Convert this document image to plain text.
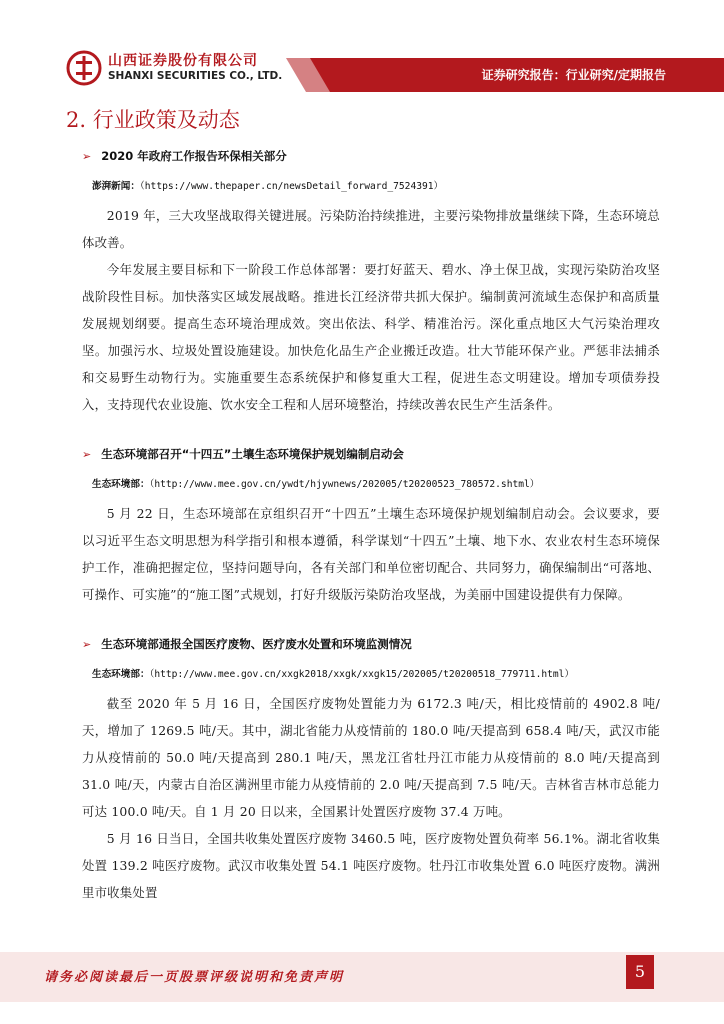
山西证券股份有限公司
SHANXI SECURITIES CO., LTD.	证券研究报告：行业研究/定期报告
2. 行业政策及动态
➢ 2020 年政府工作报告环保相关部分
澎湃新闻：（https://www.thepaper.cn/newsDetail_forward_7524391）

2019 年，三大攻坚战取得关键进展。污染防治持续推进，主要污染物排放量继续下降，生态环境总体改善。

今年发展主要目标和下一阶段工作总体部署：要打好蓝天、碧水、净土保卫战，实现污染防治攻坚战阶段性目标。加快落实区域发展战略。推进长江经济带共抓大保护。编制黄河流域生态保护和高质量发展规划纲要。提高生态环境治理成效。突出依法、科学、精准治污。深化重点地区大气污染治理攻坚。加强污水、垃圾处置设施建设。加快危化品生产企业搬迁改造。壮大节能环保产业。严惩非法捕杀和交易野生动物行为。实施重要生态系统保护和修复重大工程，促进生态文明建设。增加专项债券投入，支持现代农业设施、饮水安全工程和人居环境整治，持续改善农民生产生活条件。

➢ 生态环境部召开“十四五”土壤生态环境保护规划编制启动会
生态环境部：（http://www.mee.gov.cn/ywdt/hjywnews/202005/t20200523_780572.shtml）

5 月 22 日，生态环境部在京组织召开“十四五”土壤生态环境保护规划编制启动会。会议要求，要以习近平生态文明思想为科学指引和根本遵循，科学谋划“十四五”土壤、地下水、农业农村生态环境保护工作，准确把握定位，坚持问题导向，各有关部门和单位密切配合、共同努力，确保编制出“可落地、可操作、可实施”的“施工图”式规划，打好升级版污染防治攻坚战，为美丽中国建设提供有力保障。

➢ 生态环境部通报全国医疗废物、医疗废水处置和环境监测情况
生态环境部：（http://www.mee.gov.cn/xxgk2018/xxgk/xxgk15/202005/t20200518_779711.html）

截至 2020 年 5 月 16 日，全国医疗废物处置能力为 6172.3 吨/天，相比疫情前的 4902.8 吨/天，增加了 1269.5 吨/天。其中，湖北省能力从疫情前的 180.0 吨/天提高到 658.4 吨/天，武汉市能力从疫情前的 50.0 吨/天提高到 280.1 吨/天，黑龙江省牡丹江市能力从疫情前的 8.0 吨/天提高到 31.0 吨/天，内蒙古自治区满洲里市能力从疫情前的 2.0 吨/天提高到 7.5 吨/天。吉林省吉林市总能力可达 100.0 吨/天。自 1 月 20 日以来，全国累计处置医疗废物 37.4 万吨。

5 月 16 日当日，全国共收集处置医疗废物 3460.5 吨，医疗废物处置负荷率 56.1%。湖北省收集处置 139.2 吨医疗废物。武汉市收集处置 54.1 吨医疗废物。牡丹江市收集处置 6.0 吨医疗废物。满洲里市收集处置

请务必阅读最后一页股票评级说明和免责声明	5
